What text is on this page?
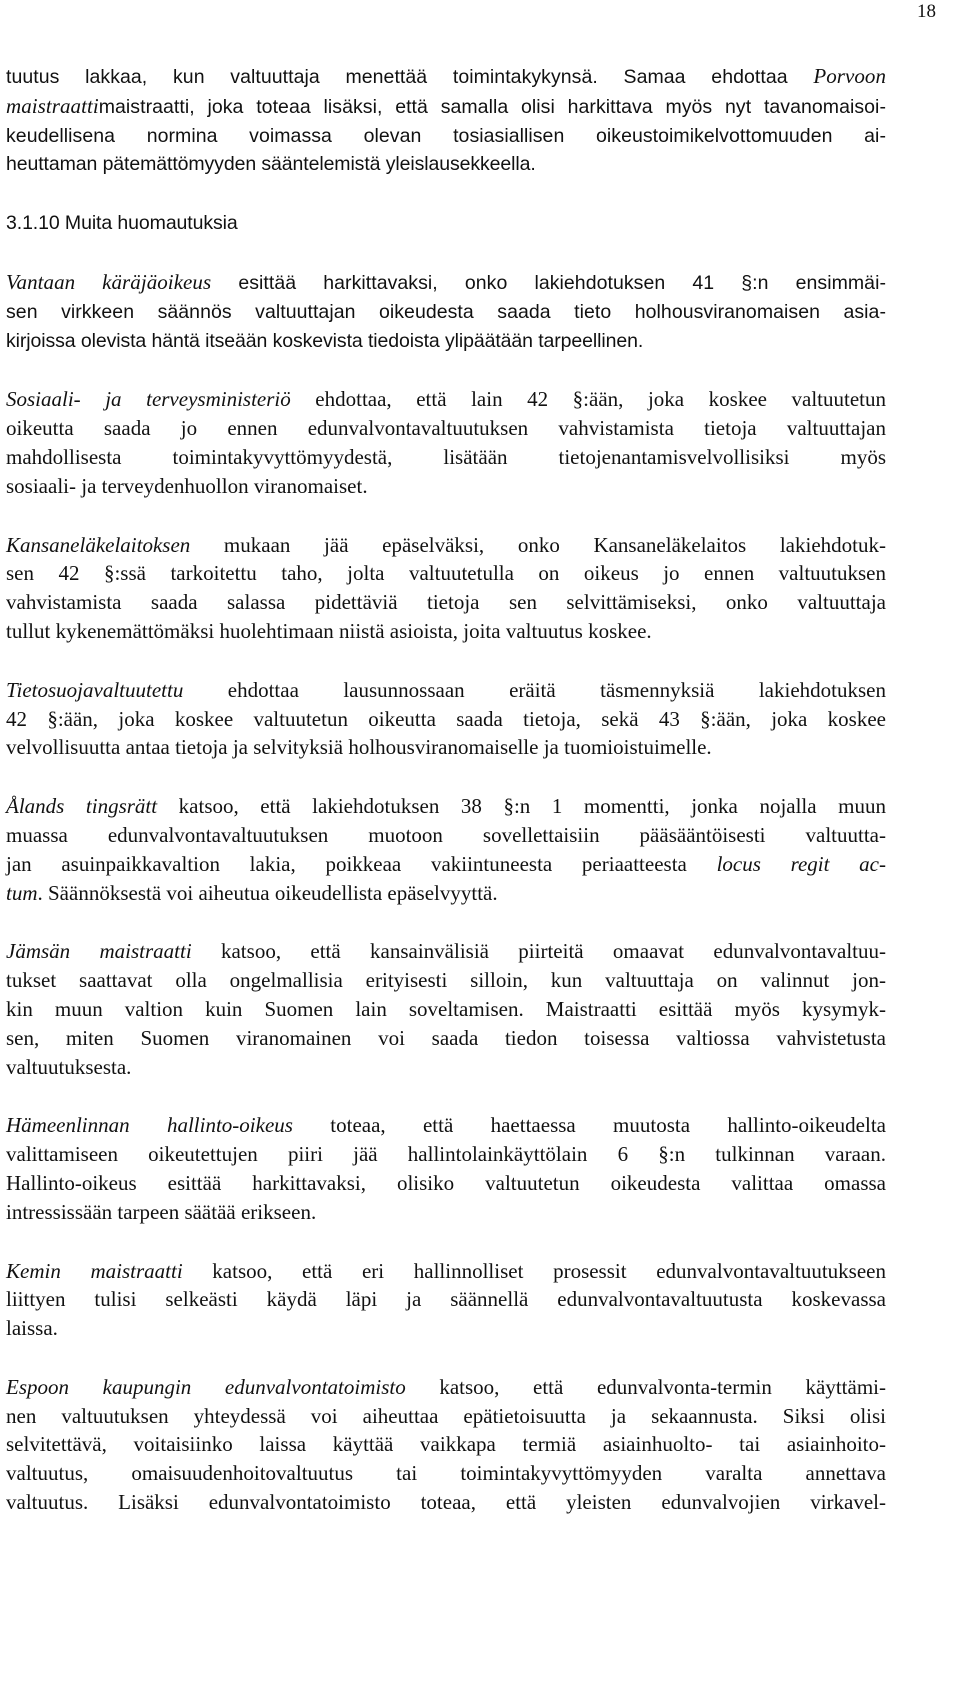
18
tuutus lakkaa, kun valtuuttaja menettää toimintakykynsä. Samaa ehdottaa Porvoon
maistraattimaistraatti, joka toteaa lisäksi, että samalla olisi harkittava myös nyt tavanomaisoi-
keudellisena normina voimassa olevan tosiasiallisen oikeustoimikelvottomuuden ai-
heuttaman pätemättömyyden sääntelemistä yleislausekkeella.
3.1.10 Muita huomautuksia
Vantaan käräjäoikeus esittää harkittavaksi, onko lakiehdotuksen 41 §:n ensimmäi-
sen virkkeen säännös valtuuttajan oikeudesta saada tieto holhousviranomaisen asia-
kirjoissa olevista häntä itseään koskevista tiedoista ylipäätään tarpeellinen.
Sosiaali- ja terveysministeriö ehdottaa, että lain 42 §:ään, joka koskee valtuutetun
oikeutta saada jo ennen edunvalvontavaltuutuksen vahvistamista tietoja valtuuttajan
mahdollisesta toimintakyvyttömyydestä, lisätään tietojenantamisvelvollisiksi myös
sosiaali- ja terveydenhuollon viranomaiset.
Kansaneläkelaitoksen mukaan jää epäselväksi, onko Kansaneläkelaitos lakiehdotuk-
sen 42 §:ssä tarkoitettu taho, jolta valtuutetulla on oikeus jo ennen valtuutuksen
vahvistamista saada salassa pidettäviä tietoja sen selvittämiseksi, onko valtuuttaja
tullut kykenemättömäksi huolehtimaan niistä asioista, joita valtuutus koskee.
Tietosuojavaltuutettu ehdottaa lausunnossaan eräitä täsmennyksiä lakiehdotuksen
42 §:ään, joka koskee valtuutetun oikeutta saada tietoja, sekä 43 §:ään, joka koskee
velvollisuutta antaa tietoja ja selvityksiä holhousviranomaiselle ja tuomioistuimelle.
Ålands tingsrätt katsoo, että lakiehdotuksen 38 §:n 1 momentti, jonka nojalla muun
muassa edunvalvontavaltuutuksen muotoon sovellettaisiin pääsääntöisesti valtuutta-
jan asuinpaikkavaltion lakia, poikkeaa vakiintuneesta periaatteesta locus regit ac-
tum. Säännöksestä voi aiheutua oikeudellista epäselvyyttä.
Jämsän maistraatti katsoo, että kansainvälisiä piirteitä omaavat edunvalvontavaltuu-
tukset saattavat olla ongelmallisia erityisesti silloin, kun valtuuttaja on valinnut jon-
kin muun valtion kuin Suomen lain soveltamisen. Maistraatti esittää myös kysymyk-
sen, miten Suomen viranomainen voi saada tiedon toisessa valtiossa vahvistetusta
valtuutuksesta.
Hämeenlinnan hallinto-oikeus toteaa, että haettaessa muutosta hallinto-oikeudelta
valittamiseen oikeutettujen piiri jää hallintolainkäyttölain 6 §:n tulkinnan varaan.
Hallinto-oikeus esittää harkittavaksi, olisiko valtuutetun oikeudesta valittaa omassa
intressissään tarpeen säätää erikseen.
Kemin maistraatti katsoo, että eri hallinnolliset prosessit edunvalvontavaltuutukseen
liittyen tulisi selkeästi käydä läpi ja säännellä edunvalvontavaltuutusta koskevassa
laissa.
Espoon kaupungin edunvalvontatoimisto katsoo, että edunvalvonta-termin käyttämi-
nen valtuutuksen yhteydessä voi aiheuttaa epätietoisuutta ja sekaannusta. Siksi olisi
selvitettävä, voitaisiinko laissa käyttää vaikkapa termiä asiainhuolto- tai asiainhoito-
valtuutus, omaisuudenhoitovaltuutus tai toimintakyvyttömyyden varalta annettava
valtuutus. Lisäksi edunvalvontatoimisto toteaa, että yleisten edunvalvojien virkavel-
